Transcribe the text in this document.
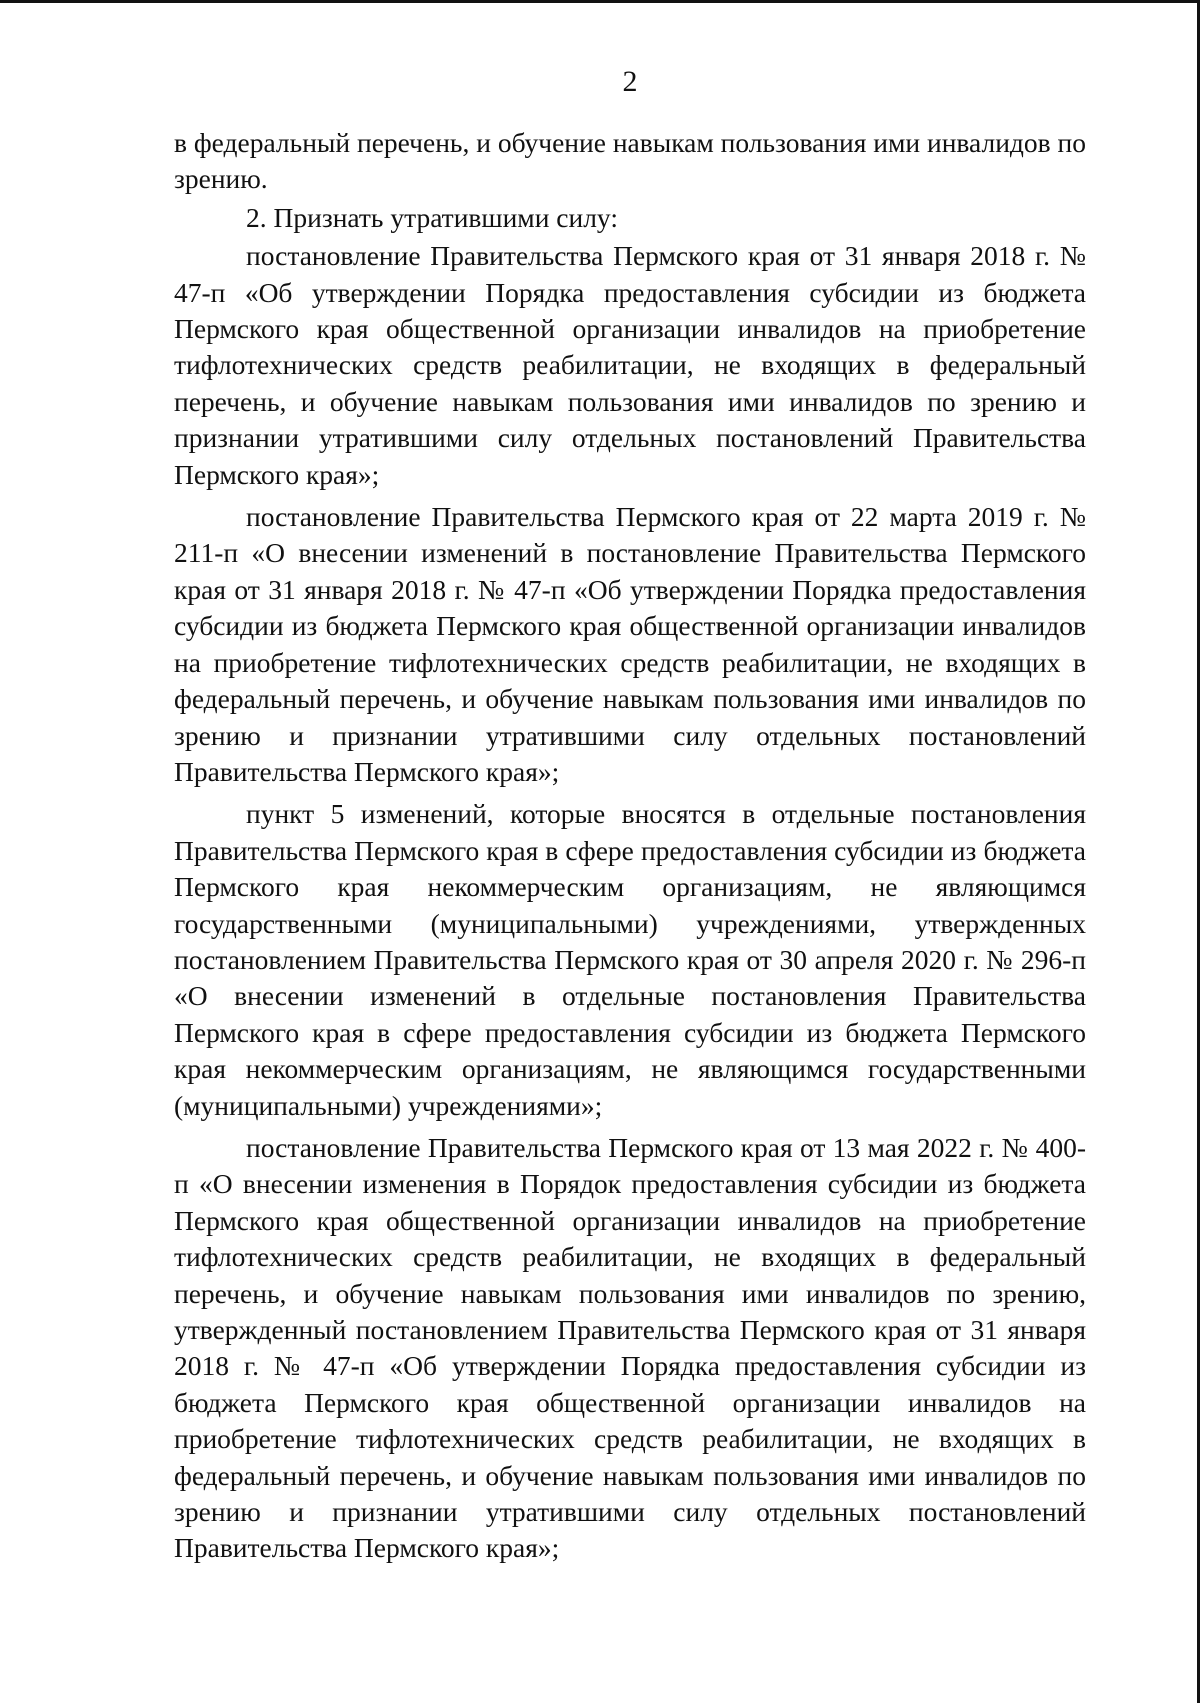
2

в федеральный перечень, и обучение навыкам пользования ими инвалидов по зрению.

2. Признать утратившими силу:

постановление Правительства Пермского края от 31 января 2018 г. № 47-п «Об утверждении Порядка предоставления субсидии из бюджета Пермского края общественной организации инвалидов на приобретение тифлотехнических средств реабилитации, не входящих в федеральный перечень, и обучение навыкам пользования ими инвалидов по зрению и признании утратившими силу отдельных постановлений Правительства Пермского края»;

постановление Правительства Пермского края от 22 марта 2019 г. № 211-п «О внесении изменений в постановление Правительства Пермского края от 31 января 2018 г. № 47-п «Об утверждении Порядка предоставления субсидии из бюджета Пермского края общественной организации инвалидов на приобретение тифлотехнических средств реабилитации, не входящих в федеральный перечень, и обучение навыкам пользования ими инвалидов по зрению и признании утратившими силу отдельных постановлений Правительства Пермского края»;

пункт 5 изменений, которые вносятся в отдельные постановления Правительства Пермского края в сфере предоставления субсидии из бюджета Пермского края некоммерческим организациям, не являющимся государственными (муниципальными) учреждениями, утвержденных постановлением Правительства Пермского края от 30 апреля 2020 г. № 296-п «О внесении изменений в отдельные постановления Правительства Пермского края в сфере предоставления субсидии из бюджета Пермского края некоммерческим организациям, не являющимся государственными (муниципальными) учреждениями»;

постановление Правительства Пермского края от 13 мая 2022 г. № 400-п «О внесении изменения в Порядок предоставления субсидии из бюджета Пермского края общественной организации инвалидов на приобретение тифлотехнических средств реабилитации, не входящих в федеральный перечень, и обучение навыкам пользования ими инвалидов по зрению, утвержденный постановлением Правительства Пермского края от 31 января 2018 г. № 47-п «Об утверждении Порядка предоставления субсидии из бюджета Пермского края общественной организации инвалидов на приобретение тифлотехнических средств реабилитации, не входящих в федеральный перечень, и обучение навыкам пользования ими инвалидов по зрению и признании утратившими силу отдельных постановлений Правительства Пермского края»;
